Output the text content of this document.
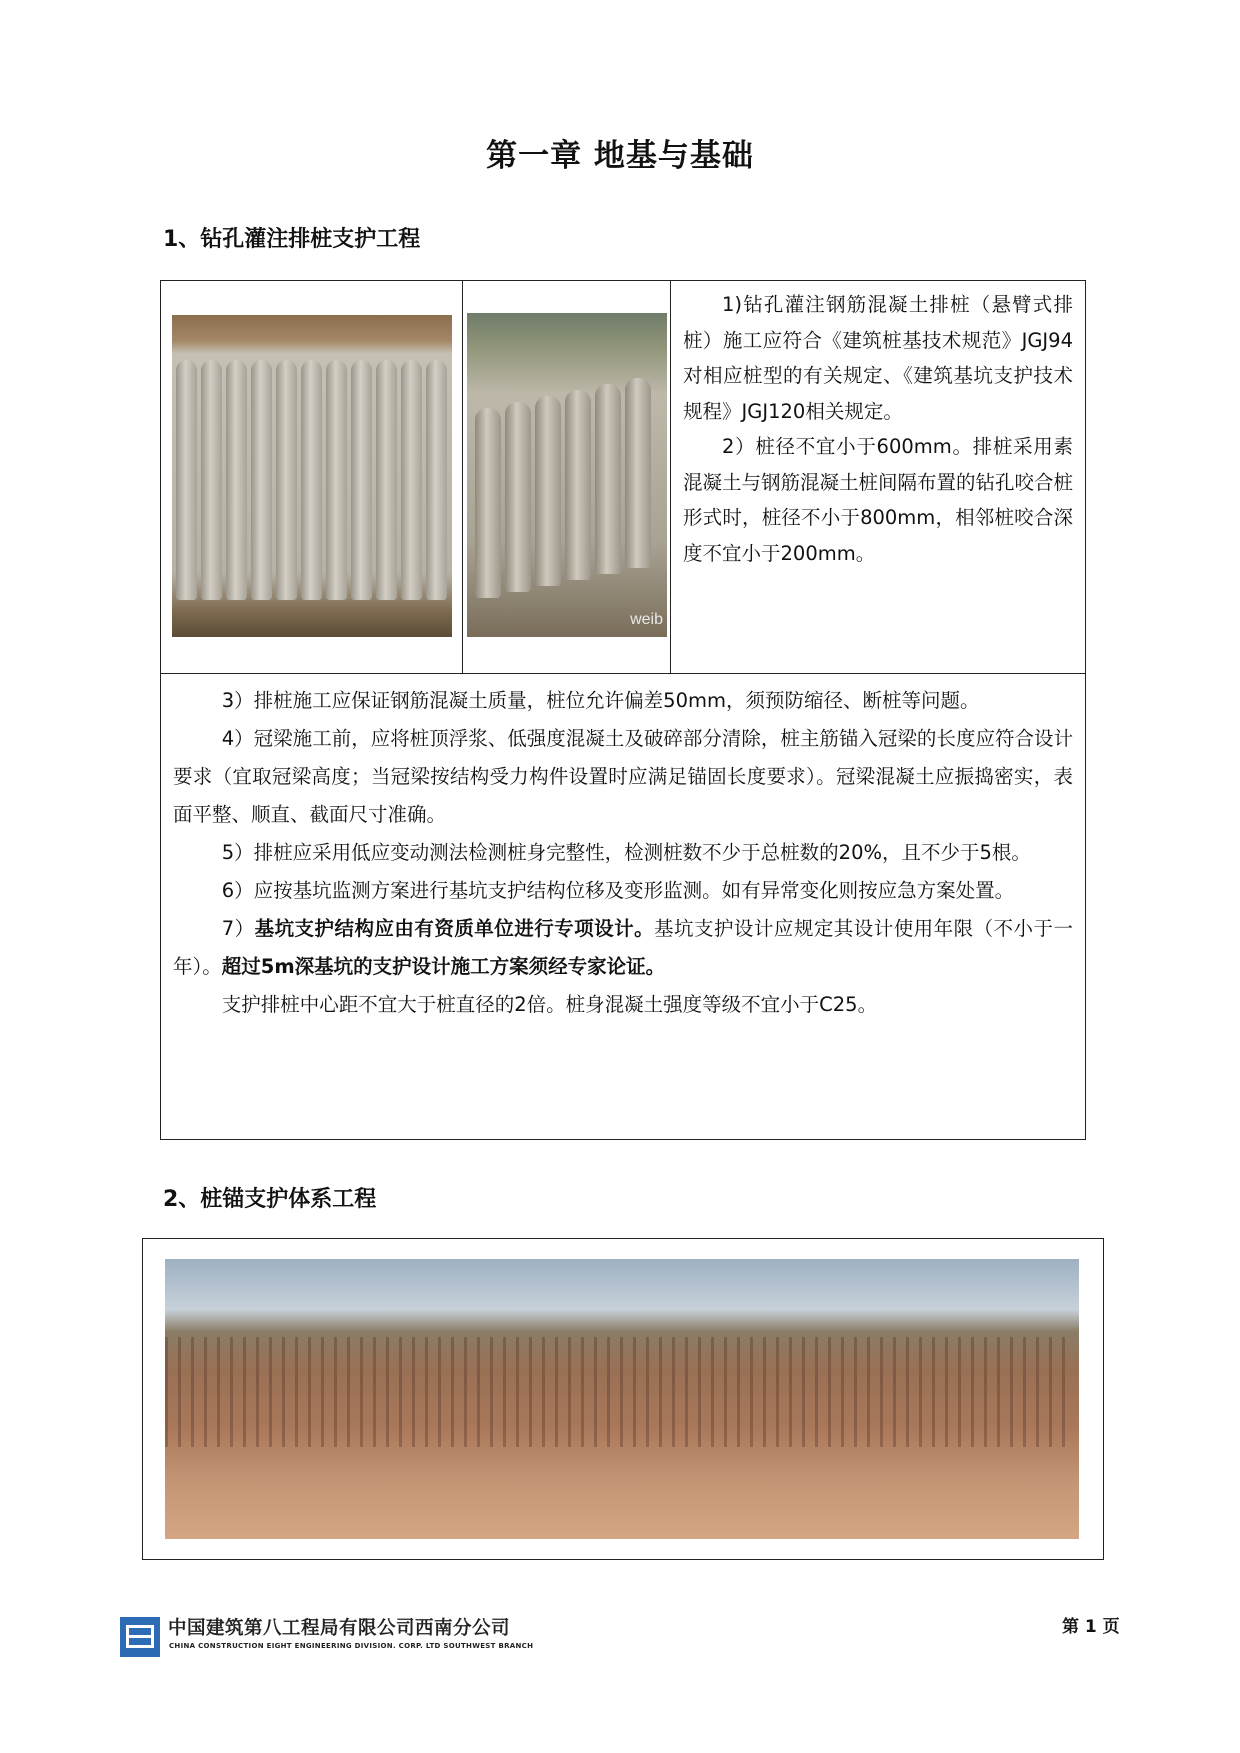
第一章 地基与基础
1、钻孔灌注排桩支护工程
weib

1)钻孔灌注钢筋混凝土排桩（悬臂式排桩）施工应符合《建筑桩基技术规范》JGJ94对相应桩型的有关规定、《建筑基坑支护技术规程》JGJ120相关规定。

2）桩径不宜小于600mm。排桩采用素混凝土与钢筋混凝土桩间隔布置的钻孔咬合桩形式时，桩径不小于800mm，相邻桩咬合深度不宜小于200mm。

3）排桩施工应保证钢筋混凝土质量，桩位允许偏差50mm，须预防缩径、断桩等问题。

4）冠梁施工前，应将桩顶浮浆、低强度混凝土及破碎部分清除，桩主筋锚入冠梁的长度应符合设计要求（宜取冠梁高度；当冠梁按结构受力构件设置时应满足锚固长度要求）。冠梁混凝土应振捣密实，表面平整、顺直、截面尺寸准确。

5）排桩应采用低应变动测法检测桩身完整性，检测桩数不少于总桩数的20%，且不少于5根。

6）应按基坑监测方案进行基坑支护结构位移及变形监测。如有异常变化则按应急方案处置。

7）基坑支护结构应由有资质单位进行专项设计。基坑支护设计应规定其设计使用年限（不小于一年）。超过5m深基坑的支护设计施工方案须经专家论证。

支护排桩中心距不宜大于桩直径的2倍。桩身混凝土强度等级不宜小于C25。

2、桩锚支护体系工程
中国建筑第八工程局有限公司西南分公司
CHINA CONSTRUCTION EIGHT ENGINEERING DIVISION. CORP. LTD SOUTHWEST BRANCH
第 1 页
